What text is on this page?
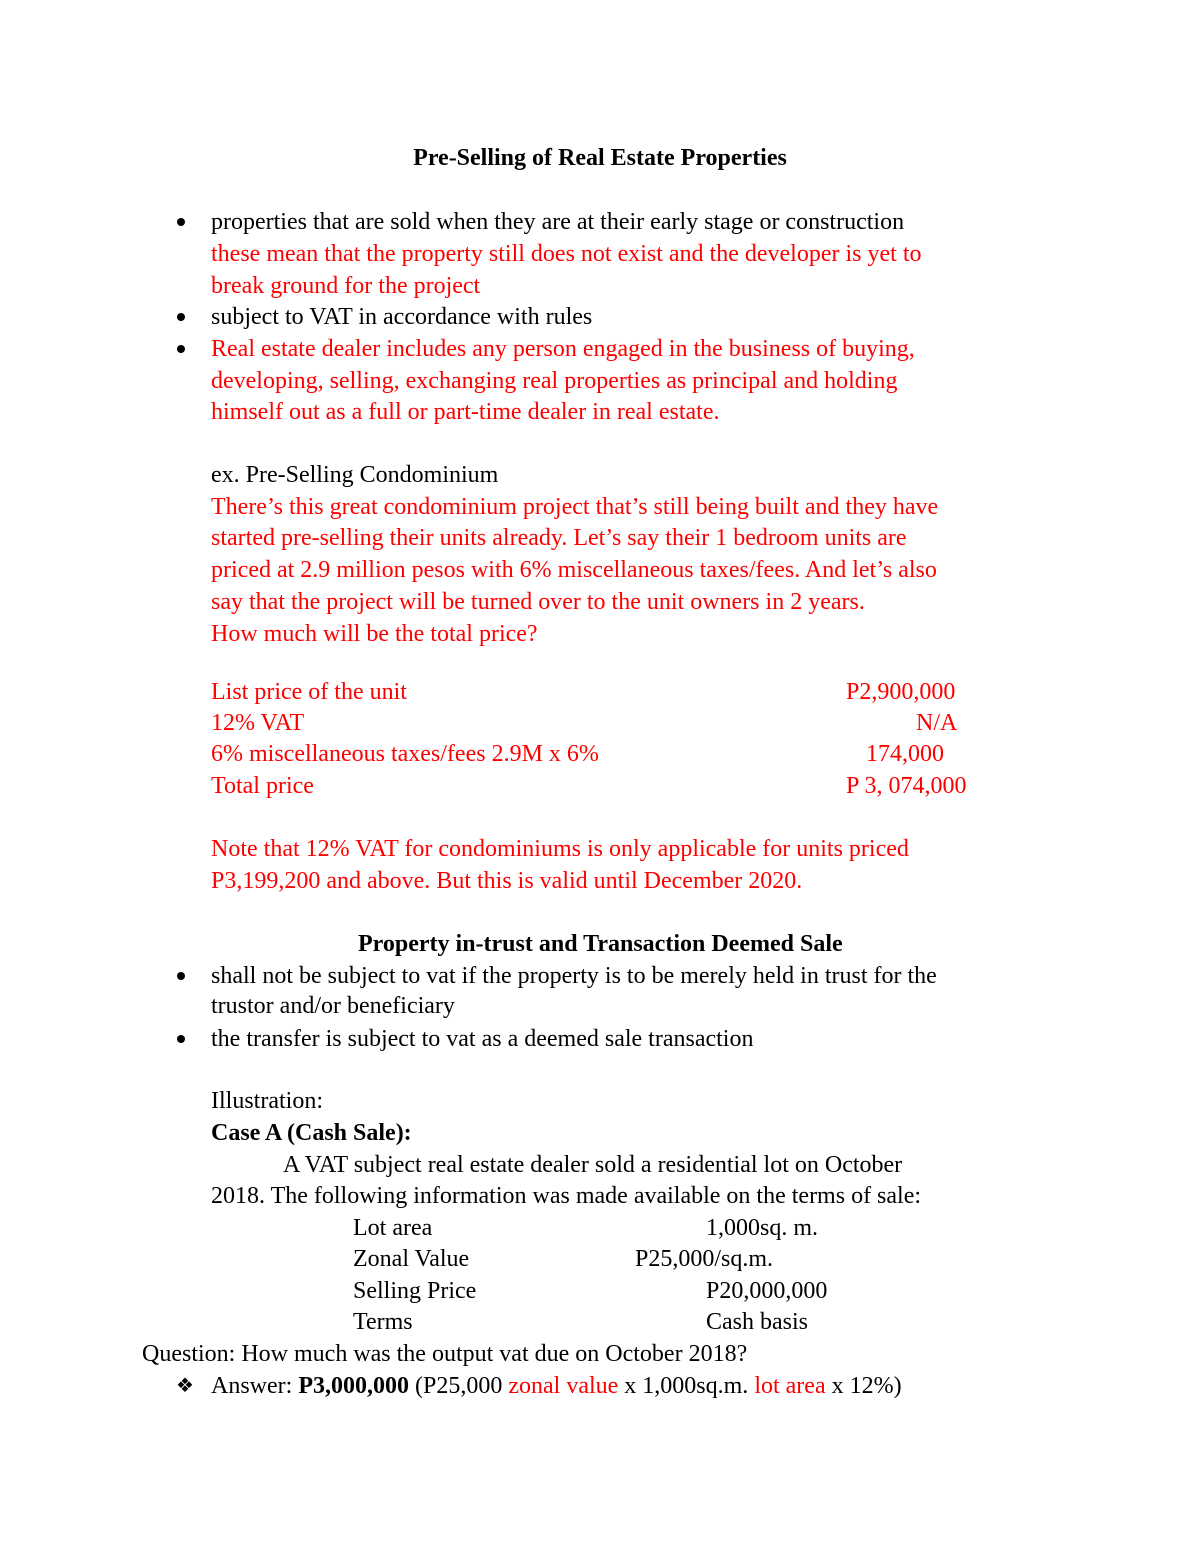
Pre-Selling of Real Estate Properties
properties that are sold when they are at their early stage or construction
these mean that the property still does not exist and the developer is yet to
break ground for the project
subject to VAT in accordance with rules
Real estate dealer includes any person engaged in the business of buying,
developing, selling, exchanging real properties as principal and holding
himself out as a full or part-time dealer in real estate.
ex. Pre-Selling Condominium
There’s this great condominium project that’s still being built and they have
started pre-selling their units already. Let’s say their 1 bedroom units are
priced at 2.9 million pesos with 6% miscellaneous taxes/fees. And let’s also
say that the project will be turned over to the unit owners in 2 years.
How much will be the total price?
List price of the unit	P2,900,000
12% VAT	N/A
6% miscellaneous taxes/fees 2.9M x 6%	174,000
Total price	P 3, 074,000
Note that 12% VAT for condominiums is only applicable for units priced
P3,199,200 and above. But this is valid until December 2020.
Property in-trust and Transaction Deemed Sale
shall not be subject to vat if the property is to be merely held in trust for the
trustor and/or beneficiary
the transfer is subject to vat as a deemed sale transaction
Illustration:
Case A (Cash Sale):
A VAT subject real estate dealer sold a residential lot on October
2018. The following information was made available on the terms of sale:
Lot area	1,000sq. m.
Zonal Value	P25,000/sq.m.
Selling Price	P20,000,000
Terms	Cash basis
Question: How much was the output vat due on October 2018?
❖ Answer: P3,000,000 (P25,000 zonal value x 1,000sq.m. lot area x 12%)
